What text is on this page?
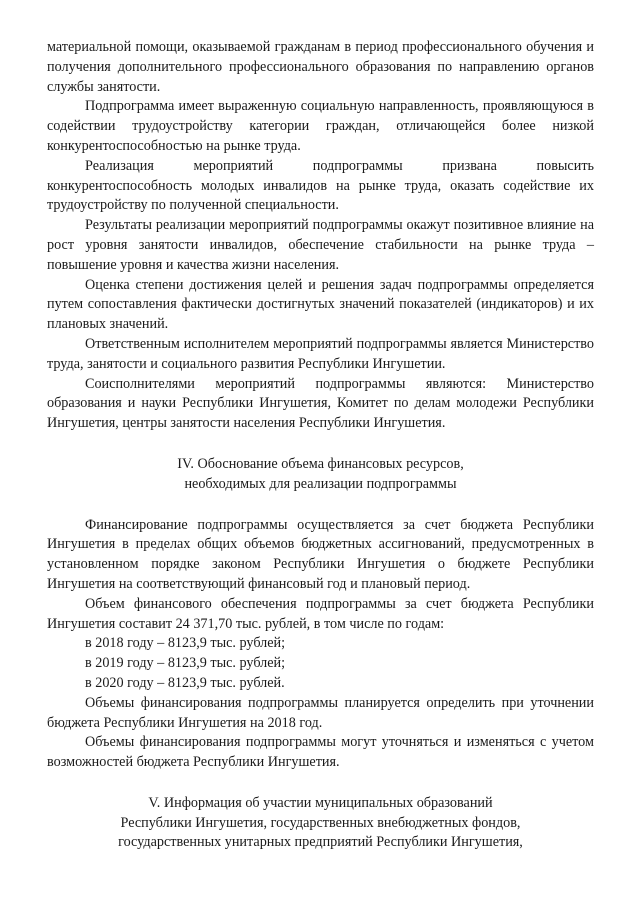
материальной помощи, оказываемой гражданам в период профессионального обучения и получения дополнительного профессионального образования по направлению органов службы занятости.

Подпрограмма имеет выраженную социальную направленность, проявляющуюся в содействии трудоустройству категории граждан, отличающейся более низкой конкурентоспособностью на рынке труда.

Реализация мероприятий подпрограммы призвана повысить конкурентоспособность молодых инвалидов на рынке труда, оказать содействие их трудоустройству по полученной специальности.

Результаты реализации мероприятий подпрограммы окажут позитивное влияние на рост уровня занятости инвалидов, обеспечение стабильности на рынке труда – повышение уровня и качества жизни населения.

Оценка степени достижения целей и решения задач подпрограммы определяется путем сопоставления фактически достигнутых значений показателей (индикаторов) и их плановых значений.

Ответственным исполнителем мероприятий подпрограммы является Министерство труда, занятости и социального развития Республики Ингушетии.

Соисполнителями мероприятий подпрограммы являются: Министерство образования и науки Республики Ингушетия, Комитет по делам молодежи Республики Ингушетия, центры занятости населения Республики Ингушетия.

IV. Обоснование объема финансовых ресурсов,
необходимых для реализации подпрограммы

Финансирование подпрограммы осуществляется за счет бюджета Республики Ингушетия в пределах общих объемов бюджетных ассигнований, предусмотренных в установленном порядке законом Республики Ингушетия о бюджете Республики Ингушетия на соответствующий финансовый год и плановый период.

Объем финансового обеспечения подпрограммы за счет бюджета Республики Ингушетия составит 24 371,70 тыс. рублей, в том числе по годам:

в 2018 году – 8123,9 тыс. рублей;

в 2019 году – 8123,9 тыс. рублей;

в 2020 году – 8123,9 тыс. рублей.

Объемы финансирования подпрограммы планируется определить при уточнении бюджета Республики Ингушетия на 2018 год.

Объемы финансирования подпрограммы могут уточняться и изменяться с учетом возможностей бюджета Республики Ингушетия.

V. Информация об участии муниципальных образований
Республики Ингушетия, государственных внебюджетных фондов,
государственных унитарных предприятий Республики Ингушетия,
